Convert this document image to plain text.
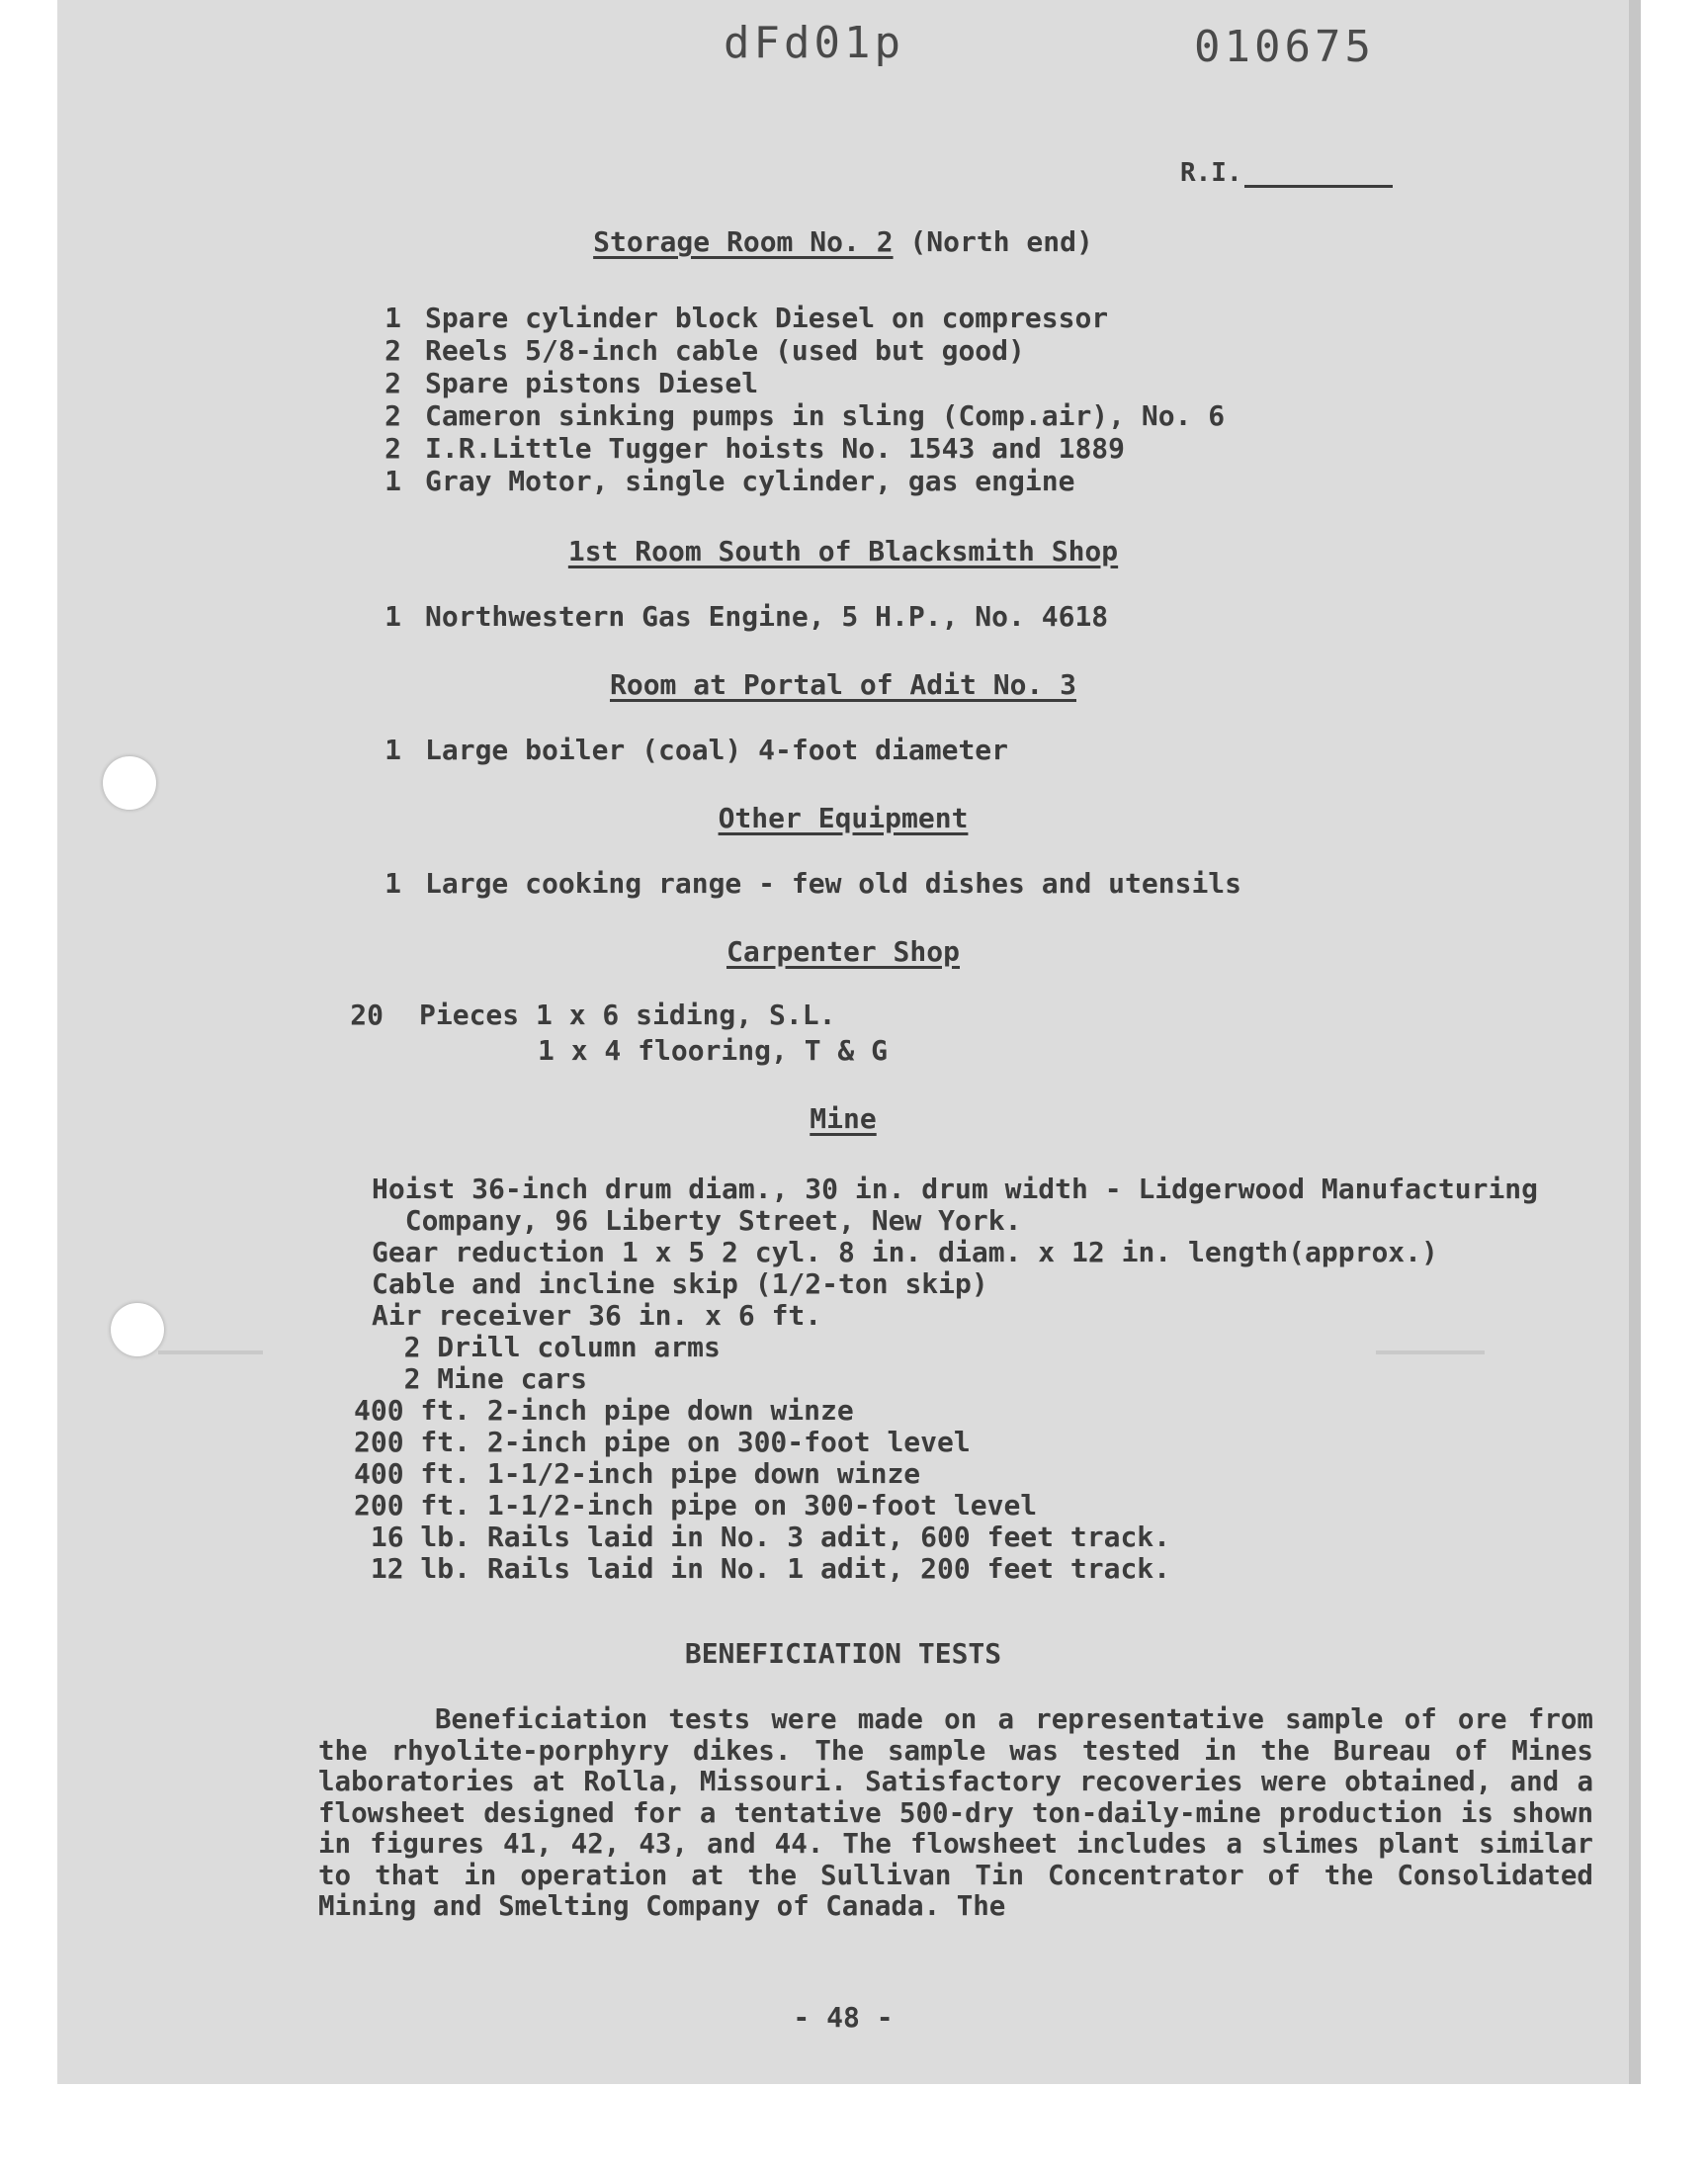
dFd01p	010675
R.I.
Storage Room No. 2 (North end)
1 Spare cylinder block Diesel on compressor
2 Reels 5/8-inch cable (used but good)
2 Spare pistons Diesel
2 Cameron sinking pumps in sling (Comp.air), No. 6
2 I.R.Little Tugger hoists No. 1543 and 1889
1 Gray Motor, single cylinder, gas engine
1st Room South of Blacksmith Shop
1 Northwestern Gas Engine, 5 H.P., No. 4618
Room at Portal of Adit No. 3
1 Large boiler (coal) 4-foot diameter
Other Equipment
1 Large cooking range - few old dishes and utensils
Carpenter Shop
20 Pieces 1 x 6 siding, S.L.
1 x 4 flooring, T & G
Mine
Hoist 36-inch drum diam., 30 in. drum width - Lidgerwood Manufacturing
Company, 96 Liberty Street, New York.
Gear reduction 1 x 5 2 cyl. 8 in. diam. x 12 in. length(approx.)
Cable and incline skip (1/2-ton skip)
Air receiver 36 in. x 6 ft.
2 Drill column arms
2 Mine cars
400 ft. 2-inch pipe down winze
200 ft. 2-inch pipe on 300-foot level
400 ft. 1-1/2-inch pipe down winze
200 ft. 1-1/2-inch pipe on 300-foot level
16 lb. Rails laid in No. 3 adit, 600 feet track.
12 lb. Rails laid in No. 1 adit, 200 feet track.
BENEFICIATION TESTS
Beneficiation tests were made on a representative sample of ore from the rhyolite-porphyry dikes. The sample was tested in the Bureau of Mines laboratories at Rolla, Missouri. Satisfactory recoveries were obtained, and a flowsheet designed for a tentative 500-dry ton-daily-mine production is shown in figures 41, 42, 43, and 44. The flowsheet includes a slimes plant similar to that in operation at the Sullivan Tin Concentrator of the Consolidated Mining and Smelting Company of Canada. The
- 48 -
